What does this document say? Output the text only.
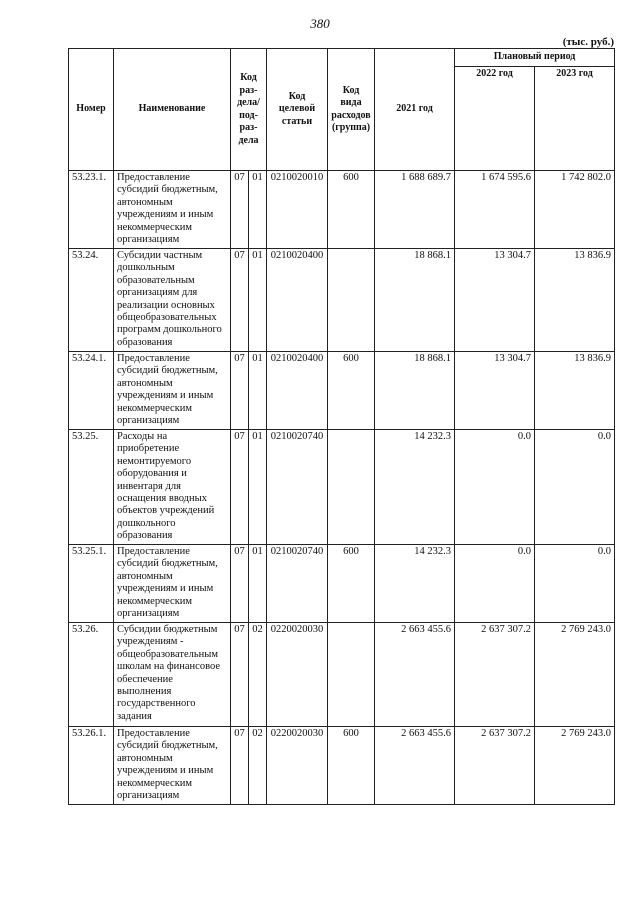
380
(тыс. руб.)
Номер	Наименование	Код раз-дела/ под-раз-дела		Код целевой статьи	Код вида расходов (группа)	2021 год	Плановый период	
							2022 год	2023 год
53.23.1.	Предоставление субсидий бюджетным, автономным учреждениям и иным некоммерческим организациям	07	01	0210020010	600	1 688 689.7	1 674 595.6	1 742 802.0
53.24.	Субсидии частным дошкольным образовательным организациям для реализации основных общеобразовательных программ дошкольного образования	07	01	0210020400		18 868.1	13 304.7	13 836.9
53.24.1.	Предоставление субсидий бюджетным, автономным учреждениям и иным некоммерческим организациям	07	01	0210020400	600	18 868.1	13 304.7	13 836.9
53.25.	Расходы на приобретение немонтируемого оборудования и инвентаря для оснащения вводных объектов учреждений дошкольного образования	07	01	0210020740		14 232.3	0.0	0.0
53.25.1.	Предоставление субсидий бюджетным, автономным учреждениям и иным некоммерческим организациям	07	01	0210020740	600	14 232.3	0.0	0.0
53.26.	Субсидии бюджетным учреждениям - общеобразовательным школам на финансовое обеспечение выполнения государственного задания	07	02	0220020030		2 663 455.6	2 637 307.2	2 769 243.0
53.26.1.	Предоставление субсидий бюджетным, автономным учреждениям и иным некоммерческим организациям	07	02	0220020030	600	2 663 455.6	2 637 307.2	2 769 243.0
